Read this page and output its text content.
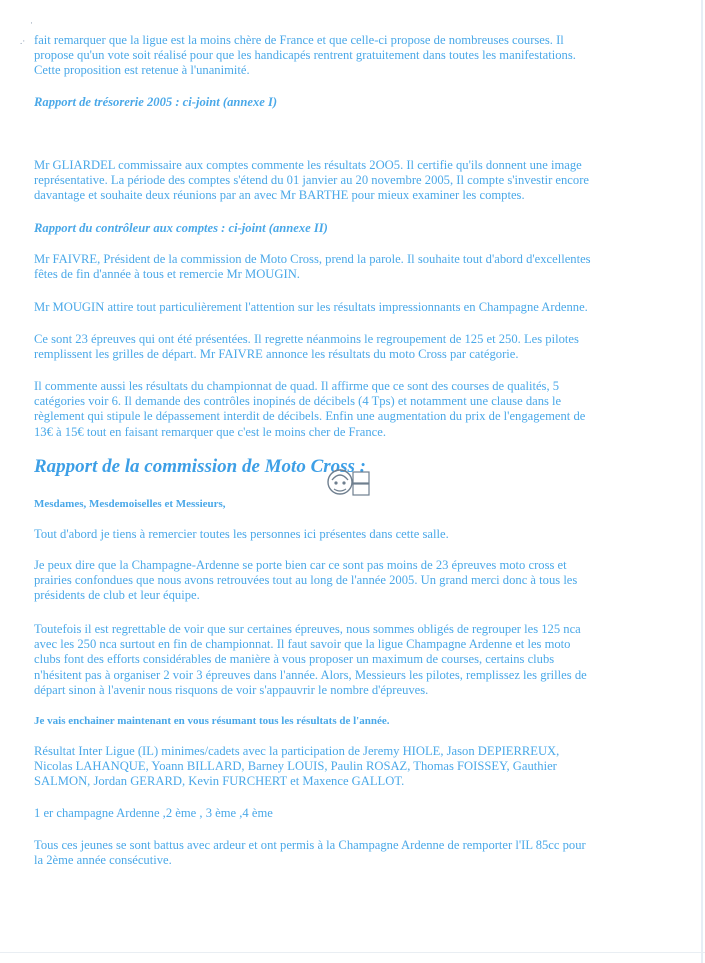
·
.· fait remarquer que la ligue est la moins chère de France et que celle-ci propose de nombreuses courses. Il
propose qu'un vote soit réalisé pour que les handicapés rentrent gratuitement dans toutes les manifestations.
Cette proposition est retenue à l'unanimité.

Rapport de trésorerie 2005 : ci-joint (annexe I)

Mr GLIARDEL commissaire aux comptes commente les résultats 2OO5. Il certifie qu'ils donnent une image
représentative. La période des comptes s'étend du 01 janvier au 20 novembre 2005, Il compte s'investir encore
davantage et souhaite deux réunions par an avec Mr BARTHE pour mieux examiner les comptes.

Rapport du contrôleur aux comptes : ci-joint (annexe II)

Mr FAIVRE, Président de la commission de Moto Cross, prend la parole. Il souhaite tout d'abord d'excellentes
fêtes de fin d'année à tous et remercie Mr MOUGIN.

Mr MOUGIN attire tout particulièrement l'attention sur les résultats impressionnants en Champagne Ardenne.

Ce sont 23 épreuves qui ont été présentées. Il regrette néanmoins le regroupement de 125 et 250. Les pilotes
remplissent les grilles de départ. Mr FAIVRE annonce les résultats du moto Cross par catégorie.

Il commente aussi les résultats du championnat de quad. Il affirme que ce sont des courses de qualités, 5
catégories voir 6. Il demande des contrôles inopinés de décibels (4 Tps) et notamment une clause dans le
règlement qui stipule le dépassement interdit de décibels. Enfin une augmentation du prix de l'engagement de
13€ à 15€ tout en faisant remarquer que c'est le moins cher de France.

Rapport de la commission de Moto Cross :

Mesdames, Mesdemoiselles et Messieurs,

Tout d'abord je tiens à remercier toutes les personnes ici présentes dans cette salle.

Je peux dire que la Champagne-Ardenne se porte bien car ce sont pas moins de 23 épreuves moto cross et
prairies confondues que nous avons retrouvées tout au long de l'année 2005. Un grand merci donc à tous les
présidents de club et leur équipe.

Toutefois il est regrettable de voir que sur certaines épreuves, nous sommes obligés de regrouper les 125 nca
avec les 250 nca surtout en fin de championnat. Il faut savoir que la ligue Champagne Ardenne et les moto
clubs font des efforts considérables de manière à vous proposer un maximum de courses, certains clubs
n'hésitent pas à organiser 2 voir 3 épreuves dans l'année. Alors, Messieurs les pilotes, remplissez les grilles de
départ sinon à l'avenir nous risquons de voir s'appauvrir le nombre d'épreuves.

Je vais enchainer maintenant en vous résumant tous les résultats de l'année.

Résultat Inter Ligue (IL) minimes/cadets avec la participation de Jeremy HIOLE, Jason DEPIERREUX,
Nicolas LAHANQUE, Yoann BILLARD, Barney LOUIS, Paulin ROSAZ, Thomas FOISSEY, Gauthier
SALMON, Jordan GERARD, Kevin FURCHERT et Maxence GALLOT.

1 er champagne Ardenne ,2 ème , 3 ème ,4 ème

Tous ces jeunes se sont battus avec ardeur et ont permis à la Champagne Ardenne de remporter l'IL 85cc pour
la 2ème année consécutive.
